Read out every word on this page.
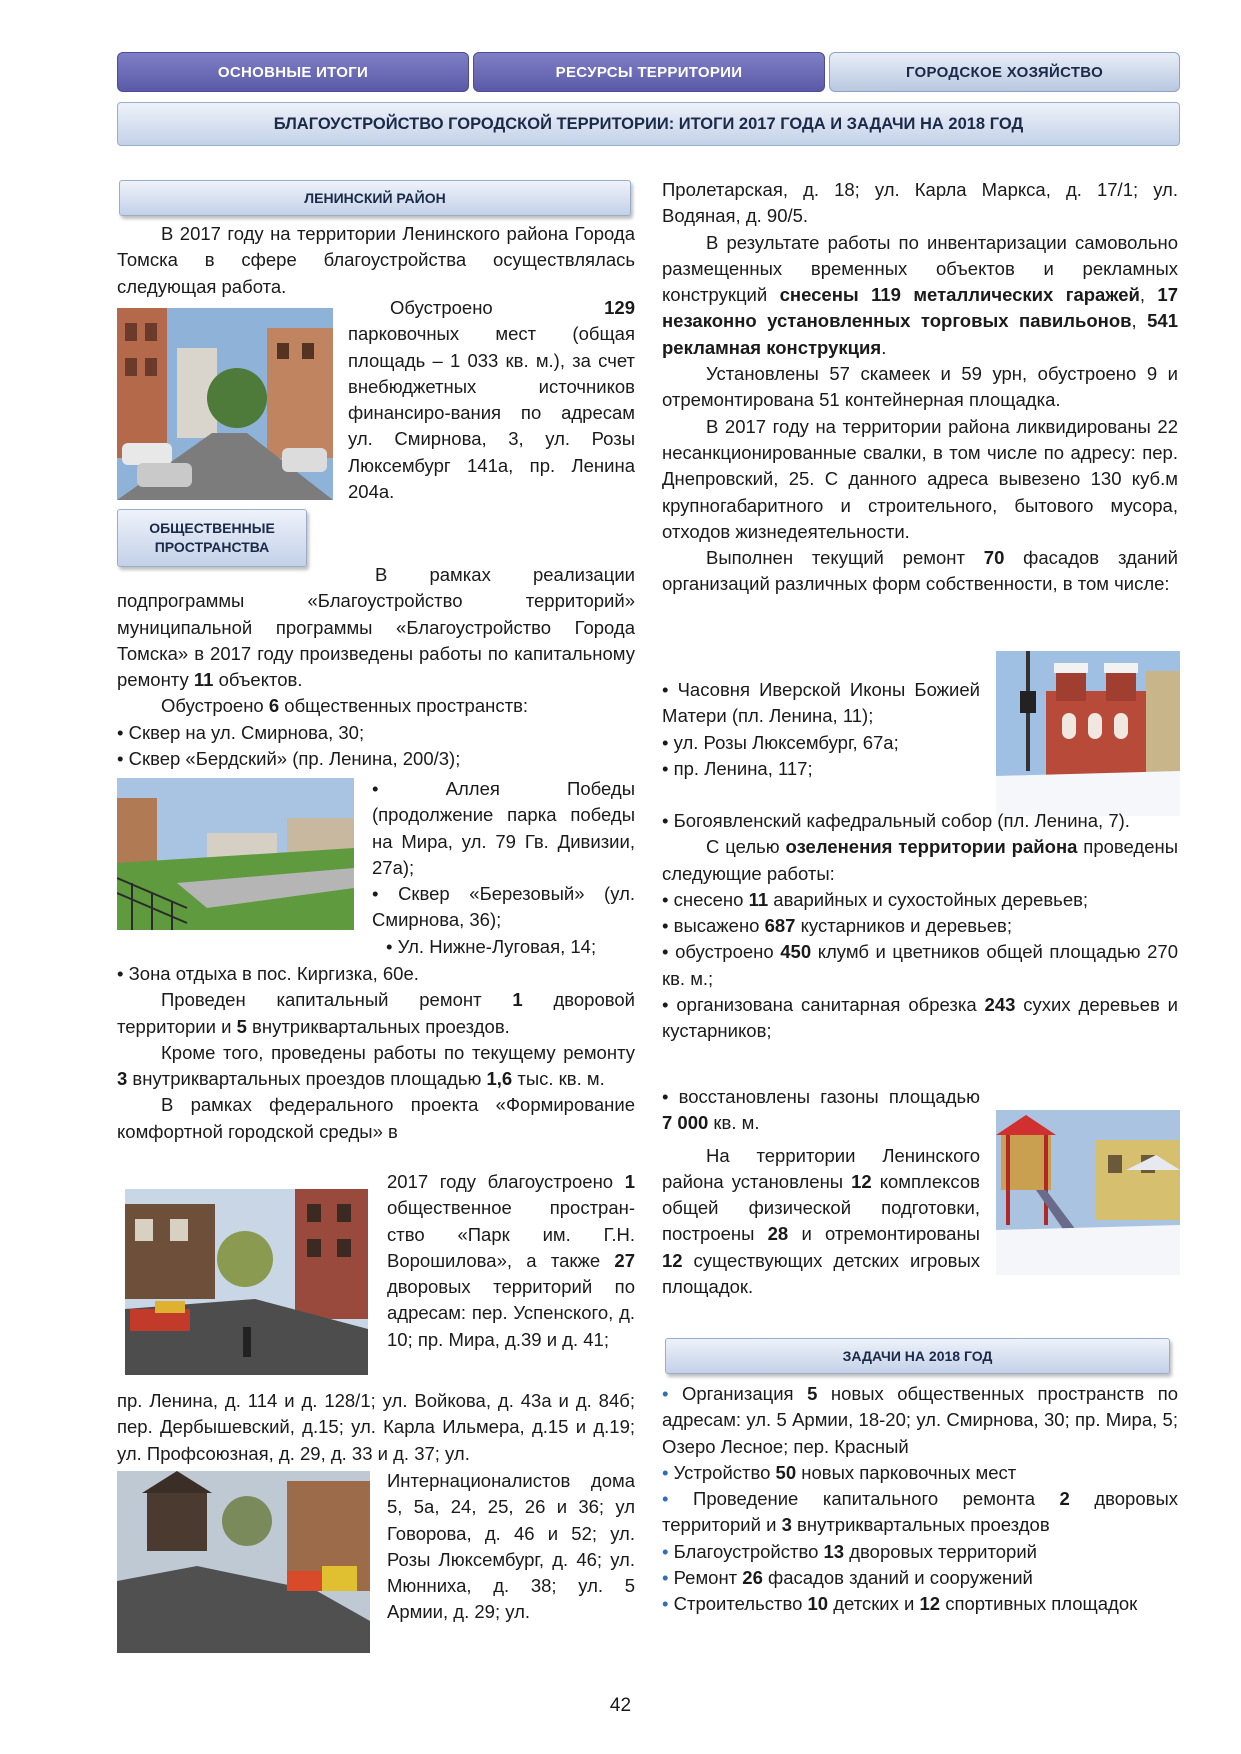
ОСНОВНЫЕ ИТОГИ	РЕСУРСЫ ТЕРРИТОРИИ	ГОРОДСКОЕ ХОЗЯЙСТВО
БЛАГОУСТРОЙСТВО ГОРОДСКОЙ ТЕРРИТОРИИ: ИТОГИ 2017 ГОДА И ЗАДАЧИ НА 2018 ГОД
ЛЕНИНСКИЙ РАЙОН

В 2017 году на территории Ленинского района Города Томска в сфере благоустройства осуществлялась следующая работа.

Обустроено 129 парковочных мест (общая площадь – 1 033 кв. м.), за счет внебюджетных источников финансиро-вания по адресам ул. Смирнова, 3, ул. Розы Люксембург 141а, пр. Ленина 204а.

ОБЩЕСТВЕННЫЕ ПРОСТРАНСТВА

В рамках реализации подпрограммы «Благоустройство территорий» муниципальной программы «Благоустройство Города Томска» в 2017 году произведены работы по капитальному ремонту 11 объектов.

Обустроено 6 общественных пространств:

• Сквер на ул. Смирнова, 30;

• Сквер «Бердский» (пр. Ленина, 200/3);

• Аллея Победы (продолжение парка победы на Мира, ул. 79 Гв. Дивизии, 27а);

• Сквер «Березовый» (ул. Смирнова, 36);

• Ул. Нижне-Луговая, 14;

• Зона отдыха в пос. Киргизка, 60е.

Проведен капитальный ремонт 1 дворовой территории и 5 внутриквартальных проездов.

Кроме того, проведены работы по текущему ремонту 3 внутриквартальных проездов площадью 1,6 тыс. кв. м.

В рамках федерального проекта «Формирование комфортной городской среды» в

2017 году благоустроено 1 общественное простран-ство «Парк им. Г.Н. Ворошилова», а также 27 дворовых территорий по адресам: пер. Успенского, д. 10; пр. Мира, д.39 и д. 41;

пр. Ленина, д. 114 и д. 128/1; ул. Войкова, д. 43а и д. 84б; пер. Дербышевский, д.15; ул. Карла Ильмера, д.15 и д.19; ул. Профсоюзная, д. 29, д. 33 и д. 37; ул.

Интернационалистов дома 5, 5а, 24, 25, 26 и 36; ул Говорова, д. 46 и 52; ул. Розы Люксембург, д. 46; ул. Мюнниха, д. 38; ул. 5 Армии, д. 29; ул.

Пролетарская, д. 18; ул. Карла Маркса, д. 17/1; ул. Водяная, д. 90/5.

В результате работы по инвентаризации самовольно размещенных временных объектов и рекламных конструкций снесены 119 металлических гаражей, 17 незаконно установленных торговых павильонов, 541 рекламная конструкция.

Установлены 57 скамеек и 59 урн, обустроено 9 и отремонтирована 51 контейнерная площадка.

В 2017 году на территории района ликвидированы 22 несанкционированные свалки, в том числе по адресу: пер. Днепровский, 25. С данного адреса вывезено 130 куб.м крупногабаритного и строительного, бытового мусора, отходов жизнедеятельности.

Выполнен текущий ремонт 70 фасадов зданий организаций различных форм собственности, в том числе:

• Часовня Иверской Иконы Божией Матери (пл. Ленина, 11);

• ул. Розы Люксембург, 67а;

• пр. Ленина, 117;

• Богоявленский кафедральный собор (пл. Ленина, 7).

С целью озеленения территории района проведены следующие работы:

• снесено 11 аварийных и сухостойных деревьев;

• высажено 687 кустарников и деревьев;

• обустроено 450 клумб и цветников общей площадью 270 кв. м.;

• организована санитарная обрезка 243 сухих деревьев и кустарников;

• восстановлены газоны площадью 7 000 кв. м.

На территории Ленинского района установлены 12 комплексов общей физической подготовки, построены 28 и отремонтированы 12 существующих детских игровых площадок.

ЗАДАЧИ НА 2018 ГОД

• Организация 5 новых общественных пространств по адресам: ул. 5 Армии, 18-20; ул. Смирнова, 30; пр. Мира, 5; Озеро Лесное; пер. Красный

• Устройство 50 новых парковочных мест

• Проведение капитального ремонта 2 дворовых территорий и 3 внутриквартальных проездов

• Благоустройство 13 дворовых территорий

• Ремонт 26 фасадов зданий и сооружений

• Строительство 10 детских и 12 спортивных площадок

42
